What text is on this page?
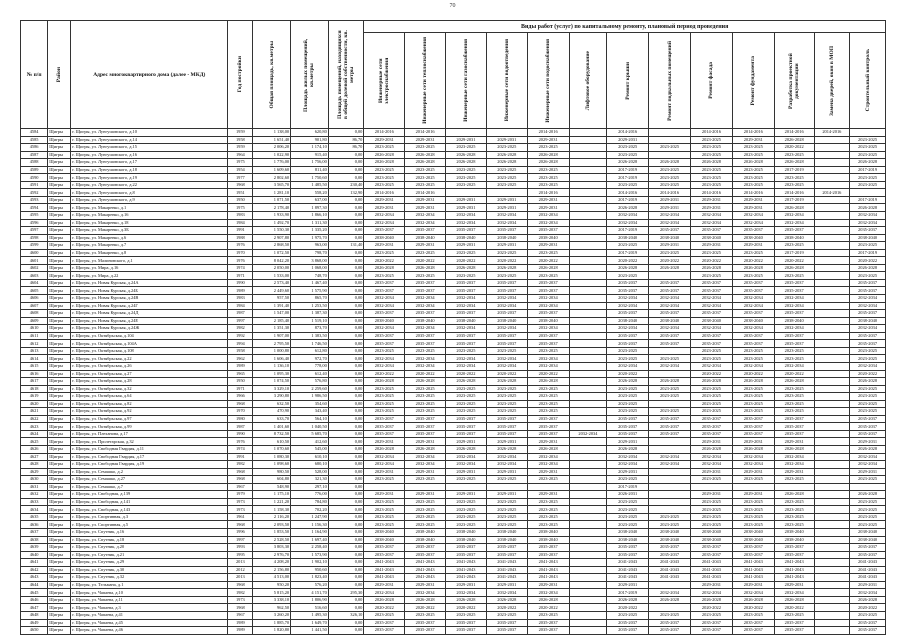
70
№ п/п	Район	Адрес многоквартирного дома (далее - МКД)	Год постройки	Общая площадь, кв.метры	Площадь жилых помещений, кв.метры	Площадь помещений, находящихся в общей долевой собственности, кв. метры	Виды работ (услуг) по капитальному ремонту, плановый период проведения												

							Инженерные сети электроснабжения	Инженерные сети теплоснабжения	Инженерные сети газоснабжения	Инженерные сети водоотведения	Инженерные сети водоснабжения	Лифтовое оборудование	Ремонт крыши	Ремонт подвальных помещений	Ремонт фасада	Ремонт фундамента	Разработка проектной документации	Замена дверей, окон в МОП	Строительный контроль

4584	Щигры	г. Щигры, ул. Лунгушовского, д.10	1959	1 138,00	620,80	0,00	2014-2016	2014-2016			2014-2016		2014-2016		2014-2016	2014-2016	2014-2016	2014-2016	
4585	Щигры	г. Щигры, ул. Лунгушовского, д.14	1958	1 651,40	901,80	86,70	2029-2031	2029-2031	2029-2031	2029-2031	2029-2031		2029-2031		2023-2025	2029-2031	2026-2028		2023-2025
4586	Щигры	г. Щигры, ул. Лунгушовского, д.15	1959	2 006,20	1 174,10	86,70	2023-2025	2023-2025	2023-2025	2023-2025	2023-2025		2023-2025	2023-2025	2023-2025	2023-2025	2020-2022		2023-2025
4587	Щигры	г. Щигры, ул. Лунгушовского, д.16	1964	1 022,90	915,40	0,00	2026-2028	2026-2028	2026-2028	2026-2028	2026-2028		2023-2025		2023-2025	2023-2025	2023-2025		2023-2025
4588	Щигры	г. Щигры, ул. Лунгушовского, д.17	1975	1 776,00	1 756,00	0,00	2026-2028	2026-2028	2026-2028	2026-2028	2026-2028		2026-2028	2026-2028	2026-2028	2026-2028	2026-2028		2026-2028
4589	Щигры	г. Щигры, ул. Лунгушовского, д.18	1954	1 609,60	811,40	0,00	2023-2025	2023-2025	2023-2025	2023-2025	2023-2025		2017-2019	2023-2025	2023-2025	2023-2025	2017-2019		2017-2019
4590	Щигры	г. Щигры, ул. Лунгушовского, д.19	1977	2 802,60	1 750,60	0,00	2023-2025	2023-2025	2023-2025	2023-2025	2023-2025		2017-2019	2023-2025	2023-2025	2023-2025	2023-2025		2023-2025
4591	Щигры	г. Щигры, ул. Лунгушовского, д.22	1968	3 565,70	1 485,50	230,40	2023-2025	2023-2025	2023-2025	2023-2025	2023-2025		2023-2025	2023-2025	2023-2025	2023-2025	2023-2025		2023-2025
4592	Щигры	г. Щигры, ул. Лунгушовского, д.8	1951	1 281,10	558,20	132,90	2014-2016	2014-2016			2014-2016		2014-2016	2014-2016	2014-2016	2014-2016	2014-2016	2014-2016	
4593	Щигры	г. Щигры, ул. Лунгушовского, д.9	1950	1 071,50	637,00	0,00	2029-2031	2029-2031	2029-2031	2029-2031	2029-2031		2017-2019	2029-2031	2029-2031	2029-2031	2017-2019		2017-2019
4594	Щигры	г. Щигры, ул. Макаренко, д.1	1975	2 178,40	1 897,30	0,00	2029-2031	2029-2031	2029-2031	2029-2031	2029-2031		2026-2028	2029-2031	2029-2031	2029-2031	2026-2028		2026-2028
4595	Щигры	г. Щигры, ул. Макаренко, д.16	1983	1 933,90	1 866,10	0,00	2032-2034	2032-2034	2032-2034	2032-2034	2032-2034		2032-2034	2032-2034	2032-2034	2032-2034	2032-2034		2032-2034
4596	Щигры	г. Щигры, ул. Макаренко, д.18	1984	1 492,70	1 311,30	0,00	2032-2034	2032-2034	2032-2034	2032-2034	2032-2034		2032-2034	2032-2034	2032-2034	2032-2034	2032-2034		2032-2034
4597	Щигры	г. Щигры, ул. Макаренко, д.3Б	1991	1 550,30	1 335,20	0,00	2035-2037	2035-2037	2035-2037	2035-2037	2035-2037		2017-2019	2035-2037	2035-2037	2035-2037	2035-2037		2035-2037
4598	Щигры	г. Щигры, ул. Макаренко, д.6	1988	2 907,80	1 975,70	0,00	2038-2040	2038-2040	2038-2040	2038-2040	2038-2040		2038-2040	2038-2040	2038-2040	2038-2040	2038-2040		2038-2040
4599	Щигры	г. Щигры, ул. Макаренко, д.7	1976	2 868,50	963,00	131,40	2029-2031	2029-2031	2029-2031	2029-2031	2029-2031		2023-2025	2029-2031	2029-2031	2029-2031	2023-2025		2023-2025
4600	Щигры	г. Щигры, ул. Макаренко, д.8	1970	1 072,50	798,70	0,00	2023-2025	2023-2025	2023-2025	2023-2025	2023-2025		2017-2019	2023-2025	2023-2025	2023-2025	2017-2019		2017-2019
4601	Щигры	г. Щигры, ул. Малиновского, д.1	1976	8 042,20	3 868,00	0,00	2020-2022	2020-2022	2020-2022	2020-2022	2020-2022		2020-2022	2020-2022	2020-2022	2020-2022	2020-2022		2020-2022
4602	Щигры	г. Щигры, ул. Мира, д.16	1974	2 050,00	1 068,00	0,00	2026-2028	2026-2028	2026-2028	2026-2028	2026-2028		2026-2028	2026-2028	2026-2028	2026-2028	2026-2028		2026-2028
4603	Щигры	г. Щигры, ул. Мира, д.22	1971	1 533,00	748,70	0,00	2023-2025	2023-2025	2023-2025	2023-2025	2023-2025		2023-2025		2023-2025	2023-2025	2023-2025		2023-2025
4604	Щигры	г. Щигры, ул. Новая Курская, д.24А	1990	2 573,40	1 467,40	0,00	2035-2037	2035-2037	2035-2037	2035-2037	2035-2037		2035-2037	2035-2037	2035-2037	2035-2037	2035-2037		2035-2037
4605	Щигры	г. Щигры, ул. Новая Курская, д.24Б	1989	2 449,60	1 575,90	0,00	2035-2037	2035-2037	2035-2037	2035-2037	2035-2037		2035-2037	2035-2037	2035-2037	2035-2037	2035-2037		2035-2037
4606	Щигры	г. Щигры, ул. Новая Курская, д.24В	1983	957,50	865,70	0,00	2032-2034	2032-2034	2032-2034	2032-2034	2032-2034		2032-2034	2032-2034	2032-2034	2032-2034	2032-2034		2032-2034
4607	Щигры	г. Щигры, ул. Новая Курская, д.24Г	1984	1 391,40	1 253,50	0,00	2032-2034	2032-2034	2032-2034	2032-2034	2032-2034		2032-2034	2032-2034	2032-2034	2032-2034	2032-2034		2032-2034
4608	Щигры	г. Щигры, ул. Новая Курская, д.24Д	1987	1 547,00	1 387,30	0,00	2035-2037	2035-2037	2035-2037	2035-2037	2035-2037		2035-2037	2035-2037	2035-2037	2035-2037	2035-2037		2035-2037
4609	Щигры	г. Щигры, ул. Новая Курская, д.24Е	1997	2 185,40	1 519,10	0,00	2038-2040	2038-2040	2038-2040	2038-2040	2038-2040		2038-2040	2038-2040	2038-2040	2038-2040	2038-2040		2038-2040
4610	Щигры	г. Щигры, ул. Новая Курская, д.24Ж	1982	1 351,30	873,70	0,00	2032-2034	2032-2034	2032-2034	2032-2034	2032-2034		2032-2034	2032-2034	2032-2034	2032-2034	2032-2034		2032-2034
4611	Щигры	г. Щигры, ул. Октябрьская, д.104	1992	1 907,00	1 383,50	0,00	2035-2037	2035-2037	2035-2037	2035-2037	2035-2037		2035-2037	2035-2037	2035-2037	2035-2037	2035-2037		2035-2037
4612	Щигры	г. Щигры, ул. Октябрьская, д.104А	1994	2 795,50	1 746,50	0,00	2035-2037	2035-2037	2035-2037	2035-2037	2035-2037		2035-2037	2035-2037	2035-2037	2035-2037	2035-2037		2035-2037
4613	Щигры	г. Щигры, ул. Октябрьская, д.108	1958	1 000,80	612,80	0,00	2023-2025	2023-2025	2023-2025	2023-2025	2023-2025		2023-2025		2023-2025	2023-2025	2023-2025		2023-2025
4614	Щигры	г. Щигры, ул. Октябрьская, д.22	1962	1 606,40	972,70	0,00	2032-2034	2032-2034	2032-2034	2032-2034	2032-2034		2023-2025	2023-2025	2023-2025	2023-2025	2023-2025		2023-2025
4615	Щигры	г. Щигры, ул. Октябрьская, д.26	1989	1 136,10	778,00	0,00	2032-2034	2032-2034	2032-2034	2032-2034	2032-2034		2032-2034	2032-2034	2032-2034	2032-2034	2032-2034		2032-2034
4616	Щигры	г. Щигры, ул. Октябрьская, д.27	1965	1 095,30	612,40	0,00	2020-2022	2020-2022	2020-2022	2020-2022	2020-2022		2020-2022		2020-2022	2020-2022	2020-2022		2020-2022
4617	Щигры	г. Щигры, ул. Октябрьская, д.28	1950	1 074,50	576,80	0,00	2026-2028	2026-2028	2026-2028	2026-2028	2026-2028		2026-2028	2026-2028	2026-2028	2026-2028	2026-2028		2026-2028
4618	Щигры	г. Щигры, ул. Октябрьская, д.32	1971	3 329,10	2 259,60	0,00	2023-2025	2023-2025	2023-2025	2023-2025	2023-2025		2023-2025	2023-2025	2023-2025	2023-2025	2023-2025		2023-2025
4619	Щигры	г. Щигры, ул. Октябрьская, д.64	1966	3 290,80	1 986,50	0,00	2023-2025	2023-2025	2023-2025	2023-2025	2023-2025		2023-2025	2023-2025	2023-2025	2023-2025	2023-2025		2023-2025
4620	Щигры	г. Щигры, ул. Октябрьская, д.82	1968	632,50	354,60	0,00	2023-2025	2023-2025	2023-2025	2023-2025	2023-2025		2023-2025		2023-2025	2023-2025	2023-2025		2023-2025
4621	Щигры	г. Щигры, ул. Октябрьская, д.92	1970	470,90	343,40	0,00	2023-2025	2023-2025	2023-2025	2023-2025	2023-2025		2023-2025	2023-2025	2023-2025	2023-2025	2023-2025		2023-2025
4622	Щигры	г. Щигры, ул. Октябрьская, д.97	1980	633,70	564,10	0,00	2035-2037	2035-2037	2035-2037	2035-2037	2035-2037		2035-2037	2035-2037	2035-2037	2035-2037	2035-2037		2035-2037
4623	Щигры	г. Щигры, ул. Октябрьская, д.99	1987	1 401,60	1 040,50	0,00	2035-2037	2035-2037	2035-2037	2035-2037	2035-2037		2035-2037	2035-2037	2035-2037	2035-2037	2035-2037		2035-2037
4624	Щигры	г. Щигры, ул. Плеханова, д.17	1990	8 732,50	5 685,70	0,00	2035-2037	2035-2037	2035-2037	2035-2037	2035-2037	2032-2034	2035-2037	2035-2037	2035-2037	2035-2037	2035-2037		2035-2037
4625	Щигры	г. Щигры, ул. Пролетарская, д.32	1976	610,50	412,60	0,00	2029-2031	2029-2031	2029-2031	2029-2031	2029-2031		2029-2031		2029-2031	2029-2031	2029-2031		2029-2031
4626	Щигры	г. Щигры, ул. Свободная Гвардия, д.11	1974	1 070,60	545,00	0,00	2026-2028	2026-2028	2026-2028	2026-2028	2026-2028		2026-2028		2026-2028	2026-2028	2026-2028		2026-2028
4627	Щигры	г. Щигры, ул. Свободная Гвардия, д.17	1991	1 080,30	610,10	0,00	2032-2034	2032-2034	2032-2034	2032-2034	2032-2034		2032-2034	2032-2034	2032-2034	2032-2034	2032-2034		2032-2034
4628	Щигры	г. Щигры, ул. Свободная Гвардия, д.19	1982	1 098,60	680,10	0,00	2032-2034	2032-2034	2032-2034	2032-2034	2032-2034		2032-2034	2032-2034	2032-2034	2032-2034	2032-2034		2032-2034
4629	Щигры	г. Щигры, ул. Семашко, д.2	1968	980,50	528,00	0,00	2029-2031	2029-2031	2029-2031	2029-2031	2029-2031		2029-2031		2029-2031	2029-2031	2029-2031		2029-2031
4630	Щигры	г. Щигры, ул. Семашко, д.27	1968	604,80	321,30	0,00	2023-2025	2023-2025	2023-2025	2023-2025	2023-2025		2023-2025		2023-2025	2023-2025	2023-2025		2023-2025
4631	Щигры	г. Щигры, ул. Семашко, д.7	1967	548,90	297,10	0,00							2017-2019						
4632	Щигры	г. Щигры, ул. Свободная, д.139	1979	1 175,10	776,00	0,00	2029-2031	2029-2031	2029-2031	2029-2031	2029-2031		2026-2031		2029-2031	2029-2031	2026-2028		2026-2028
4633	Щигры	г. Щигры, ул. Свободная, д.141	1973	1 221,20	784,80	0,00	2023-2025	2023-2025	2023-2025	2023-2025	2023-2025		2023-2025		2023-2025	2023-2025	2023-2025		2023-2025
4634	Щигры	г. Щигры, ул. Свободная, д.143	1973	1 158,30	702,20	0,00	2023-2025	2023-2025	2023-2025	2023-2025	2023-2025		2023-2025		2023-2025	2023-2025	2023-2025		2023-2025
4635	Щигры	г. Щигры, ул. Спортивная, д.3	1961	2 116,20	1 247,90	0,00	2023-2025	2023-2025	2023-2025	2023-2025	2023-2025		2023-2025	2023-2025	2023-2025	2023-2025	2023-2025		2023-2025
4636	Щигры	г. Щигры, ул. Спортивная, д.5	1968	2 093,50	1 156,30	0,00	2023-2025	2023-2025	2023-2025	2023-2025	2023-2025		2023-2025	2023-2025	2023-2025	2023-2025	2023-2025		2023-2025
4637	Щигры	г. Щигры, ул. Спутник, д.16	1996	1 853,50	1 164,90	0,00	2038-2040	2038-2040	2038-2040	2038-2040	2038-2040		2038-2040	2038-2040	2038-2040	2038-2040	2038-2040		2038-2040
4638	Щигры	г. Щигры, ул. Спутник, д.18	1997	2 528,50	1 697,40	0,00	2038-2040	2038-2040	2038-2040	2038-2040	2038-2040		2038-2040	2038-2040	2038-2040	2038-2040	2038-2040		2038-2040
4639	Щигры	г. Щигры, ул. Спутник, д.20	1993	3 803,30	2 258,40	0,00	2035-2037	2035-2037	2035-2037	2035-2037	2035-2037		2035-2037	2035-2037	2035-2037	2035-2037	2035-2037		2035-2037
4640	Щигры	г. Щигры, ул. Спутник, д.21	1995	2 976,70	1 573,90	0,00	2035-2037	2035-2037	2035-2037	2035-2037	2035-2037		2035-2037	2035-2037	2035-2037	2035-2037	2035-2037		2035-2037
4641	Щигры	г. Щигры, ул. Спутник, д.29	2013	4 208,20	1 902,10	0,00	2041-2043	2041-2043	2041-2043	2041-2043	2041-2043		2041-2043	2041-2043	2041-2043	2041-2043	2041-2043		2041-2043
4642	Щигры	г. Щигры, ул. Спутник, д.30	2012	2 156,80	950,60	0,00	2041-2043	2041-2043	2041-2043	2041-2043	2041-2043		2041-2043	2041-2043	2041-2043	2041-2043	2041-2043		2041-2043
4643	Щигры	г. Щигры, ул. Спутник, д.32	2013	4 513,00	1 823,40	0,00	2041-2043	2041-2043	2041-2043	2041-2043	2041-2043		2041-2043	2041-2043	2041-2043	2041-2043	2041-2043		2041-2043
4644	Щигры	г. Щигры, ул. Тельмана, д.1	1968	950,20	576,20	0,00	2029-2031	2029-2031	2029-2031	2029-2031	2029-2031		2029-2031		2029-2031	2029-2031	2029-2031		2029-2031
4645	Щигры	г. Щигры, ул. Чапаева, д.10	1982	5 815,20	4 151,70	295,30	2032-2034	2032-2034	2032-2034	2032-2034	2032-2034		2017-2019	2032-2034	2032-2034	2032-2034	2032-2034		2032-2034
4646	Щигры	г. Щигры, ул. Чапаева, д.11	1973	3 338,10	1 806,90	0,00	2026-2028	2026-2028	2026-2028	2026-2028	2026-2028		2026-2028	2026-2028	2026-2028	2026-2028	2026-2028		2026-2028
4647	Щигры	г. Щигры, ул. Чапаева, д.3	1968	962,50	516,60	0,00	2020-2022	2020-2022	2020-2022	2020-2022	2020-2022		2020-2022		2020-2022	2020-2022	2020-2022		2020-2022
4648	Щигры	г. Щигры, ул. Чапаева, д.41	1967	3 260,20	1 495,30	326,10	2023-2025	2023-2025	2023-2025	2023-2025	2023-2025		2023-2025	2023-2025	2023-2025	2023-2025	2023-2025		2023-2025
4649	Щигры	г. Щигры, ул. Чапаева, д.45	1989	1 885,70	1 649,70	0,00	2035-2037	2035-2037	2035-2037	2035-2037	2035-2037		2035-2037	2035-2037	2035-2037	2035-2037	2035-2037		2035-2037
4650	Щигры	г. Щигры, ул. Чапаева, д.46	1989	1 820,80	1 441,50	0,00	2035-2037	2035-2037	2035-2037	2035-2037	2035-2037		2035-2037	2035-2037	2035-2037	2035-2037	2035-2037		2035-2037
